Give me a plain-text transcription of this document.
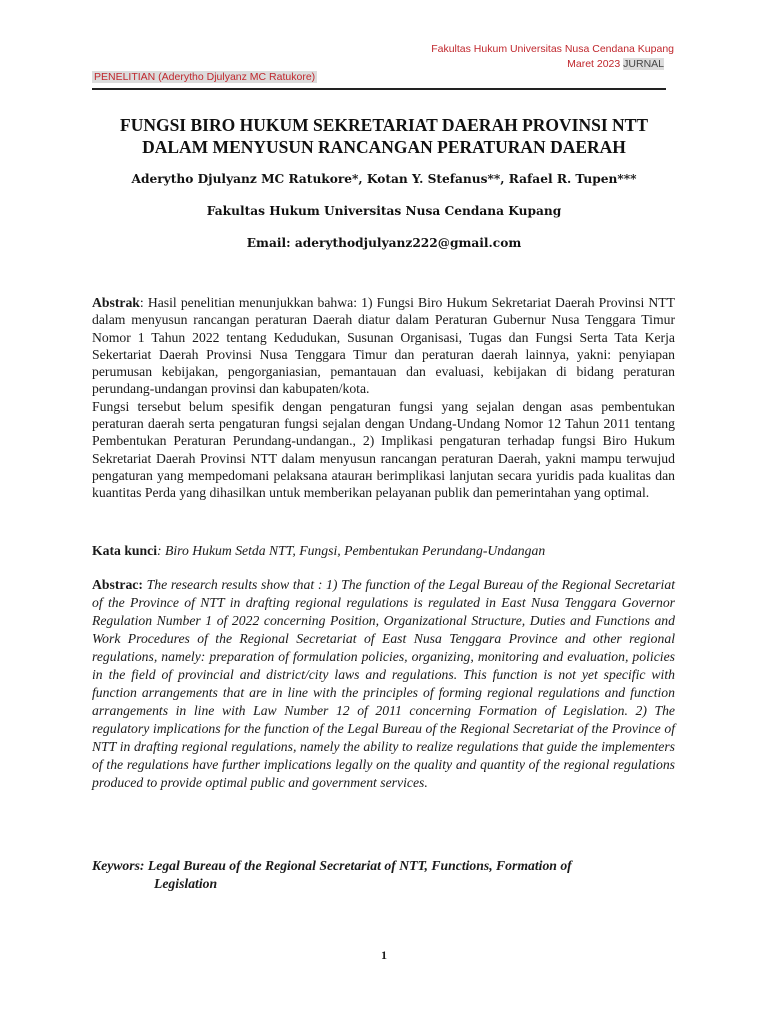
Fakultas Hukum Universitas Nusa Cendana Kupang
Maret 2023 JURNAL
PENELITIAN (Aderytho Djulyanz MC Ratukore)
FUNGSI BIRO HUKUM SEKRETARIAT DAERAH PROVINSI NTT
DALAM MENYUSUN RANCANGAN PERATURAN DAERAH
Aderytho Djulyanz MC Ratukore*, Kotan Y. Stefanus**, Rafael R. Tupen***
Fakultas Hukum Universitas Nusa Cendana Kupang
Email: aderythodjulyanz222@gmail.com

Abstrak: Hasil penelitian menunjukkan bahwa: 1) Fungsi Biro Hukum Sekretariat Daerah Provinsi NTT dalam menyusun rancangan peraturan Daerah diatur dalam Peraturan Gubernur Nusa Tenggara Timur Nomor 1 Tahun 2022 tentang Kedudukan, Susunan Organisasi, Tugas dan Fungsi Serta Tata Kerja Sekertariat Daerah Provinsi Nusa Tenggara Timur dan peraturan daerah lainnya, yakni: penyiapan perumusan kebijakan, pengorganiasian, pemantauan dan evaluasi, kebijakan di bidang peraturan perundang-undangan provinsi dan kabupaten/kota.
Fungsi tersebut belum spesifik dengan pengaturan fungsi yang sejalan dengan asas pembentukan peraturan daerah serta pengaturan fungsi sejalan dengan Undang-Undang Nomor 12 Tahun 2011 tentang Pembentukan Peraturan Perundang-undangan., 2) Implikasi pengaturan terhadap fungsi Biro Hukum Sekretariat Daerah Provinsi NTT dalam menyusun rancangan peraturan Daerah, yakni mampu terwujud pengaturan yang mempedomani pelaksana ataurан berimplikasi lanjutan secara yuridis pada kualitas dan kuantitas Perda yang dihasilkan untuk memberikan pelayanan publik dan pemerintahan yang optimal.

Kata kunci: Biro Hukum Setda NTT, Fungsi, Pembentukan Perundang-Undangan

Abstrac: The research results show that : 1) The function of the Legal Bureau of the Regional Secretariat of the Province of NTT in drafting regional regulations is regulated in East Nusa Tenggara Governor Regulation Number 1 of 2022 concerning Position, Organizational Structure, Duties and Functions and Work Procedures of the Regional Secretariat of East Nusa Tenggara Province and other regional regulations, namely: preparation of formulation policies, organizing, monitoring and evaluation, policies in the field of provincial and district/city laws and regulations. This function is not yet specific with function arrangements that are in line with the principles of forming regional regulations and function arrangements in line with Law Number 12 of 2011 concerning Formation of Legislation. 2) The regulatory implications for the function of the Legal Bureau of the Regional Secretariat of the Province of NTT in drafting regional regulations, namely the ability to realize regulations that guide the implementers of the regulations have further implications legally on the quality and quantity of the regional regulations produced to provide optimal public and government services.

Keywors: Legal Bureau of the Regional Secretariat of NTT, Functions, Formation of
Legislation

1
